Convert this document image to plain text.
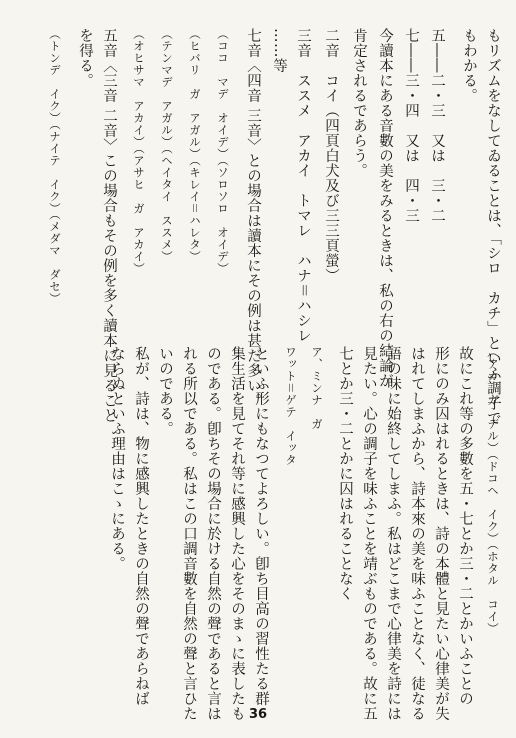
もリズムをなしてゐることは、「シロ　カチ」といふ調子で
もわかる。
五――二・三　又は　三・二
七――三・四　又は　四・三
今讀本にある音數の美をみるときは、私の右の結論が
肯定されるであらう。
二音　コイ（四頁白犬及び三三頁螢）
三音　ススメ　アカイ　トマレ　ハナ＝ハシレ
……等
七音〈四音 三音〉との場合は讀本にその例は甚だ多い。
（ココ　マデ　オイデ）（ソロソロ　オイデ）
（ヒバリ　ガ　アガル）（キレイ＝ハレタ）
（テンマデ　アガル）（ヘイタイ　ススメ）
（オヒサマ　アカイ）（アサヒ　ガ　アカイ）
五音〈三音 二音〉この場合もその例を多く讀本に見ること
を得る。
（トンデ　イク）（ナイテ　イク）（メダマ　ダセ）
（アカ　ガ　デル）（ドコヘ　イク）（ホタル　コイ）
故にこれ等の多數を五・七とか三・二とかいふことの
形にのみ囚はれるときは、詩の本體と見たい心律美が失
はれてしまふから、詩本來の美を味ふことなく、徒なる
語の味に始終してしまふ。私はどこまで心律美を詩には
見たい。心の調子を味ふことを靖ぶものである。故に五
七とか三・二とかに囚はれることなく
ア、ミンナ　ガ
ワット＝ゲテ　イッタ
といふ形にもなつてよろしい。卽ち目高の習性たる群
集生活を見てそれ等に感興した心をそのまゝに表したも
のである。卽ちその場合に於ける自然の聲であると言は
れる所以である。私はこの口調音數を自然の聲と言ひた
いのである。
私が、詩は、物に感興したときの自然の聲であらねば
ならぬといふ理由はこゝにある。
36
